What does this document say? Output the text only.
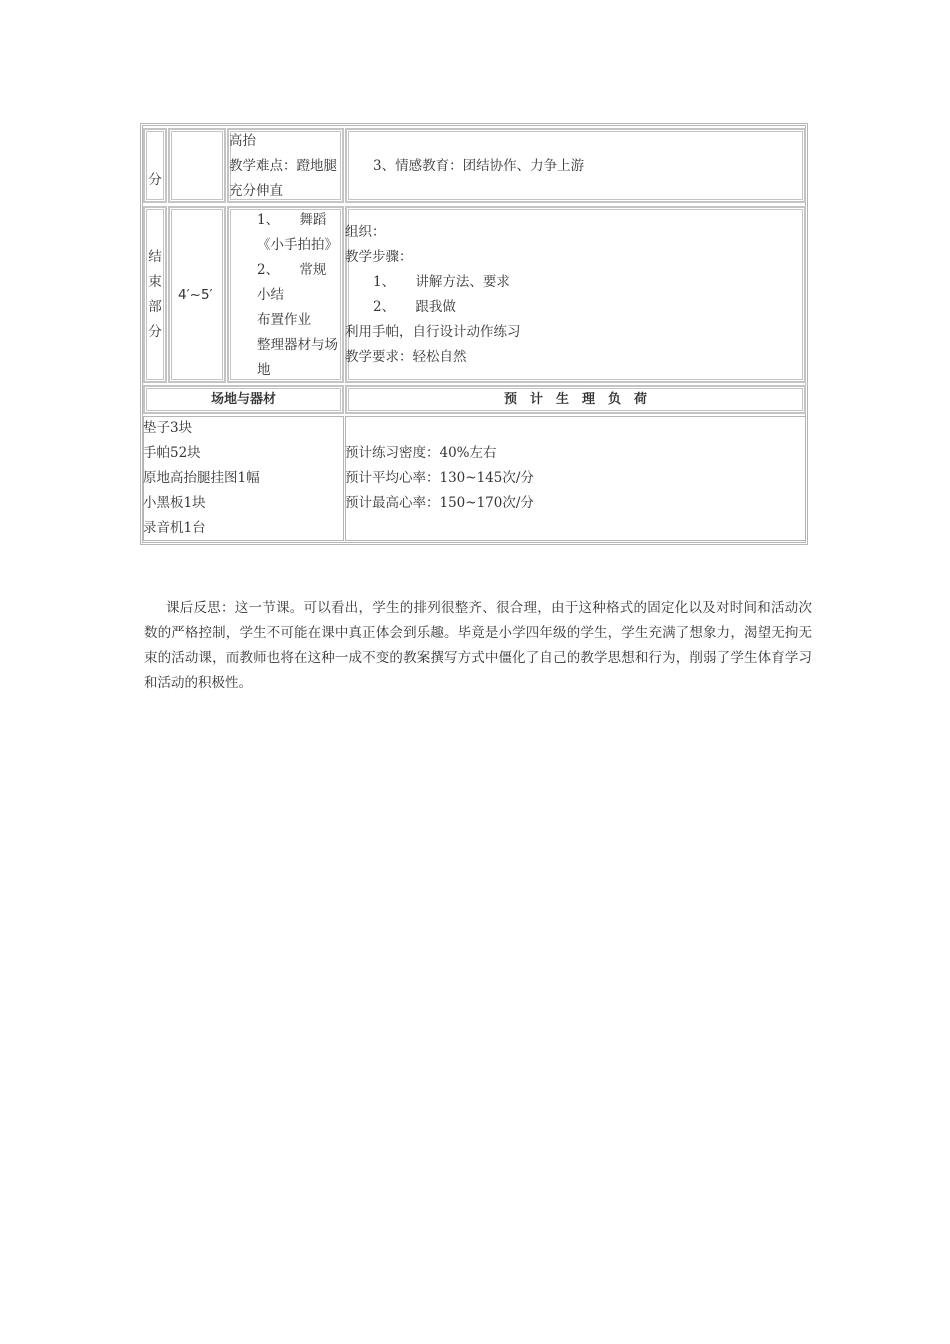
分
高抬
教学难点：蹬地腿
充分伸直
3、情感教育：团结协作、力争上游
结
束
部
分
4′~5′
1、　　舞蹈
《小手拍拍》
2、　　常规
小结
布置作业
整理器材与场
地
组织：
教学步骤：
1、　　讲解方法、要求
2、　　跟我做
利用手帕，自行设计动作练习
教学要求：轻松自然
场地与器材	预　计　生　理　负　荷
垫子3块
手帕52块
原地高抬腿挂图1幅
小黑板1块
录音机1台
预计练习密度：40%左右
预计平均心率：130~145次/分
预计最高心率：150~170次/分
课后反思：这一节课。可以看出，学生的排列很整齐、很合理，由于这种格式的固定化以及对时间和活动次数的严格控制，学生不可能在课中真正体会到乐趣。毕竟是小学四年级的学生，学生充满了想象力，渴望无拘无束的活动课，而教师也将在这种一成不变的教案撰写方式中僵化了自己的教学思想和行为，削弱了学生体育学习和活动的积极性。
